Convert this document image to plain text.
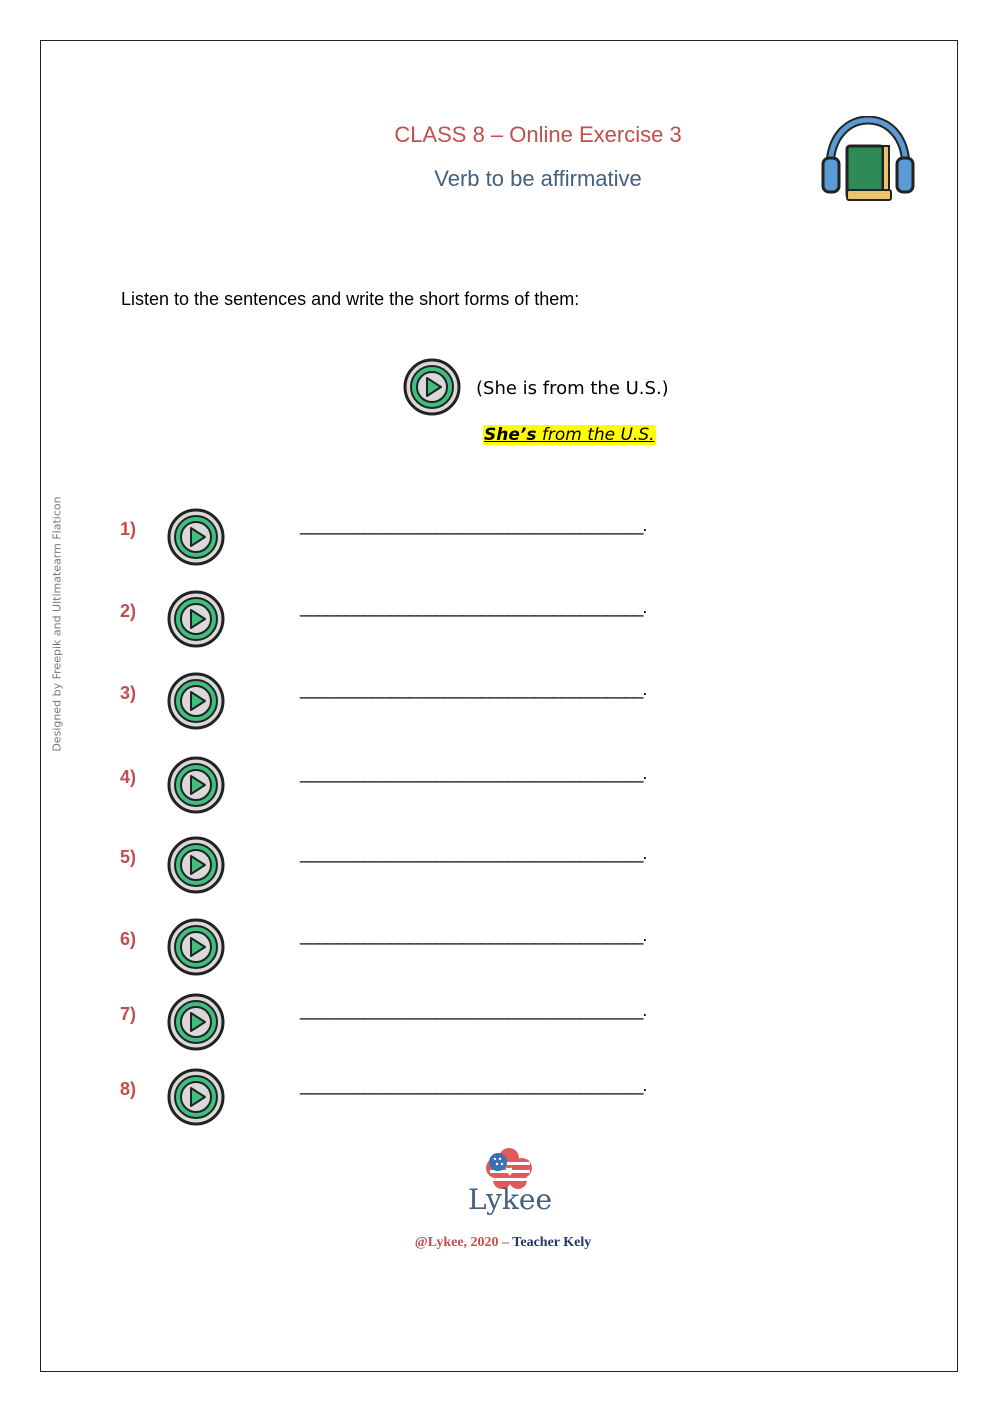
CLASS 8 – Online Exercise 3
Verb to be affirmative
Listen to the sentences and write the short forms of them:
(She is from the U.S.)
She’s from the U.S.
Designed by Freepik and Ultimatearm Flaticon	1)	______________________________________.
2)	______________________________________.
3)	______________________________________.
4)	______________________________________.
5)	______________________________________.
6)	______________________________________.
7)	______________________________________.
8)	______________________________________.
Lykee
@Lykee, 2020 – Teacher Kely
